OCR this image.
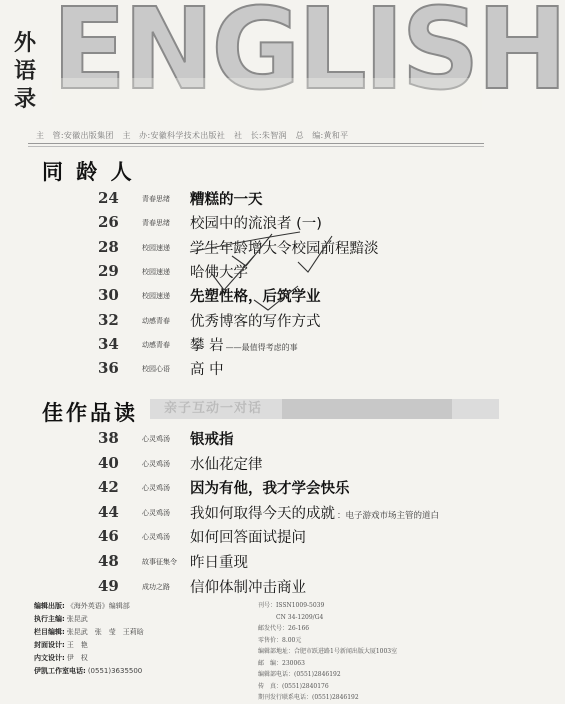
外
语
录 ENGLISH
主　管:安徽出版集团 主　办:安徽科学技术出版社 社　长:朱智润 总　编:黄和平
同 龄 人
24	青春思绪 糟糕的一天
26	青春思绪 校园中的流浪者 (一)
28	校园速递 学生年龄增大令校园前程黯淡
29	校园速递 哈佛大学
30	校园速递 先塑性格，后筑学业
32	动感青春 优秀博客的写作方式
34	动感青春 攀 岩 ——最值得考虑的事
36	校园心语 高 中
佳作品读	亲子互动一对话
38	心灵鸡汤 银戒指
40	心灵鸡汤 水仙花定律
42	心灵鸡汤 因为有他，我才学会快乐
44	心灵鸡汤 我如何取得今天的成就 ：电子游戏市场主管的道白
46	心灵鸡汤 如何回答面试提问
48	故事征集令 昨日重现
49	成功之路 信仰体制冲击商业
编辑出版: 《海外英语》编辑部
执行主编: 张昆武
栏目编辑: 张昆武　张　莹　王莉晗
封面设计: 王　艳
内文设计: 伊　权
伊凯工作室电话: (0551)3635500
刊号：ISSN1009-5039
　　　CN 34-1209/G4
邮发代号：26-166
零售价：8.00元
编辑部地址：合肥市跃进路1号新闻出版大厦1003室
邮　编：230063
编辑部电话：(0551)2846192
传　真：(0551)2840176
期刊发行联系电话：(0551)2846192
